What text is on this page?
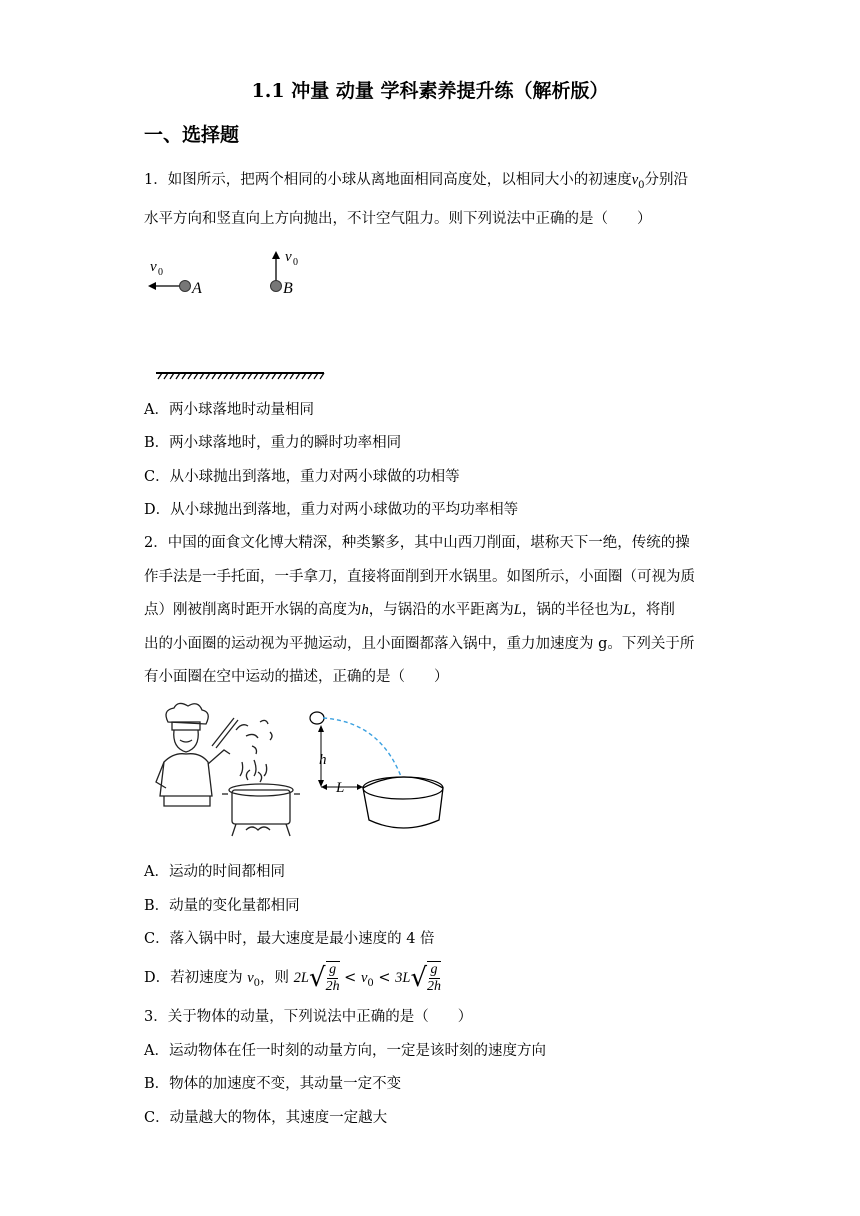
1.1 冲量 动量 学科素养提升练（解析版）
一、选择题
1．如图所示，把两个相同的小球从离地面相同高度处，以相同大小的初速度$v_0$分别沿
水平方向和竖直向上方向抛出，不计空气阻力。则下列说法中正确的是（　　）
v 0
A
v 0
B
A．两小球落地时动量相同
B．两小球落地时，重力的瞬时功率相同
C．从小球抛出到落地，重力对两小球做的功相等
D．从小球抛出到落地，重力对两小球做功的平均功率相等
2．中国的面食文化博大精深，种类繁多，其中山西刀削面，堪称天下一绝，传统的操
作手法是一手托面，一手拿刀，直接将面削到开水锅里。如图所示，小面圈（可视为质
点）刚被削离时距开水锅的高度为h，与锅沿的水平距离为L，锅的半径也为L，将削
出的小面圈的运动视为平抛运动，且小面圈都落入锅中，重力加速度为 g。下列关于所
有小面圈在空中运动的描述，正确的是（　　）
h
L
A．运动的时间都相同
B．动量的变化量都相同
C．落入锅中时，最大速度是最小速度的 4 倍
D．若初速度为 $v_0$，则 $2L√ \frac{g}{2h} < v_0 < 3L√ \frac{g}{2h}$
3．关于物体的动量，下列说法中正确的是（　　）
A．运动物体在任一时刻的动量方向，一定是该时刻的速度方向
B．物体的加速度不变，其动量一定不变
C．动量越大的物体，其速度一定越大
